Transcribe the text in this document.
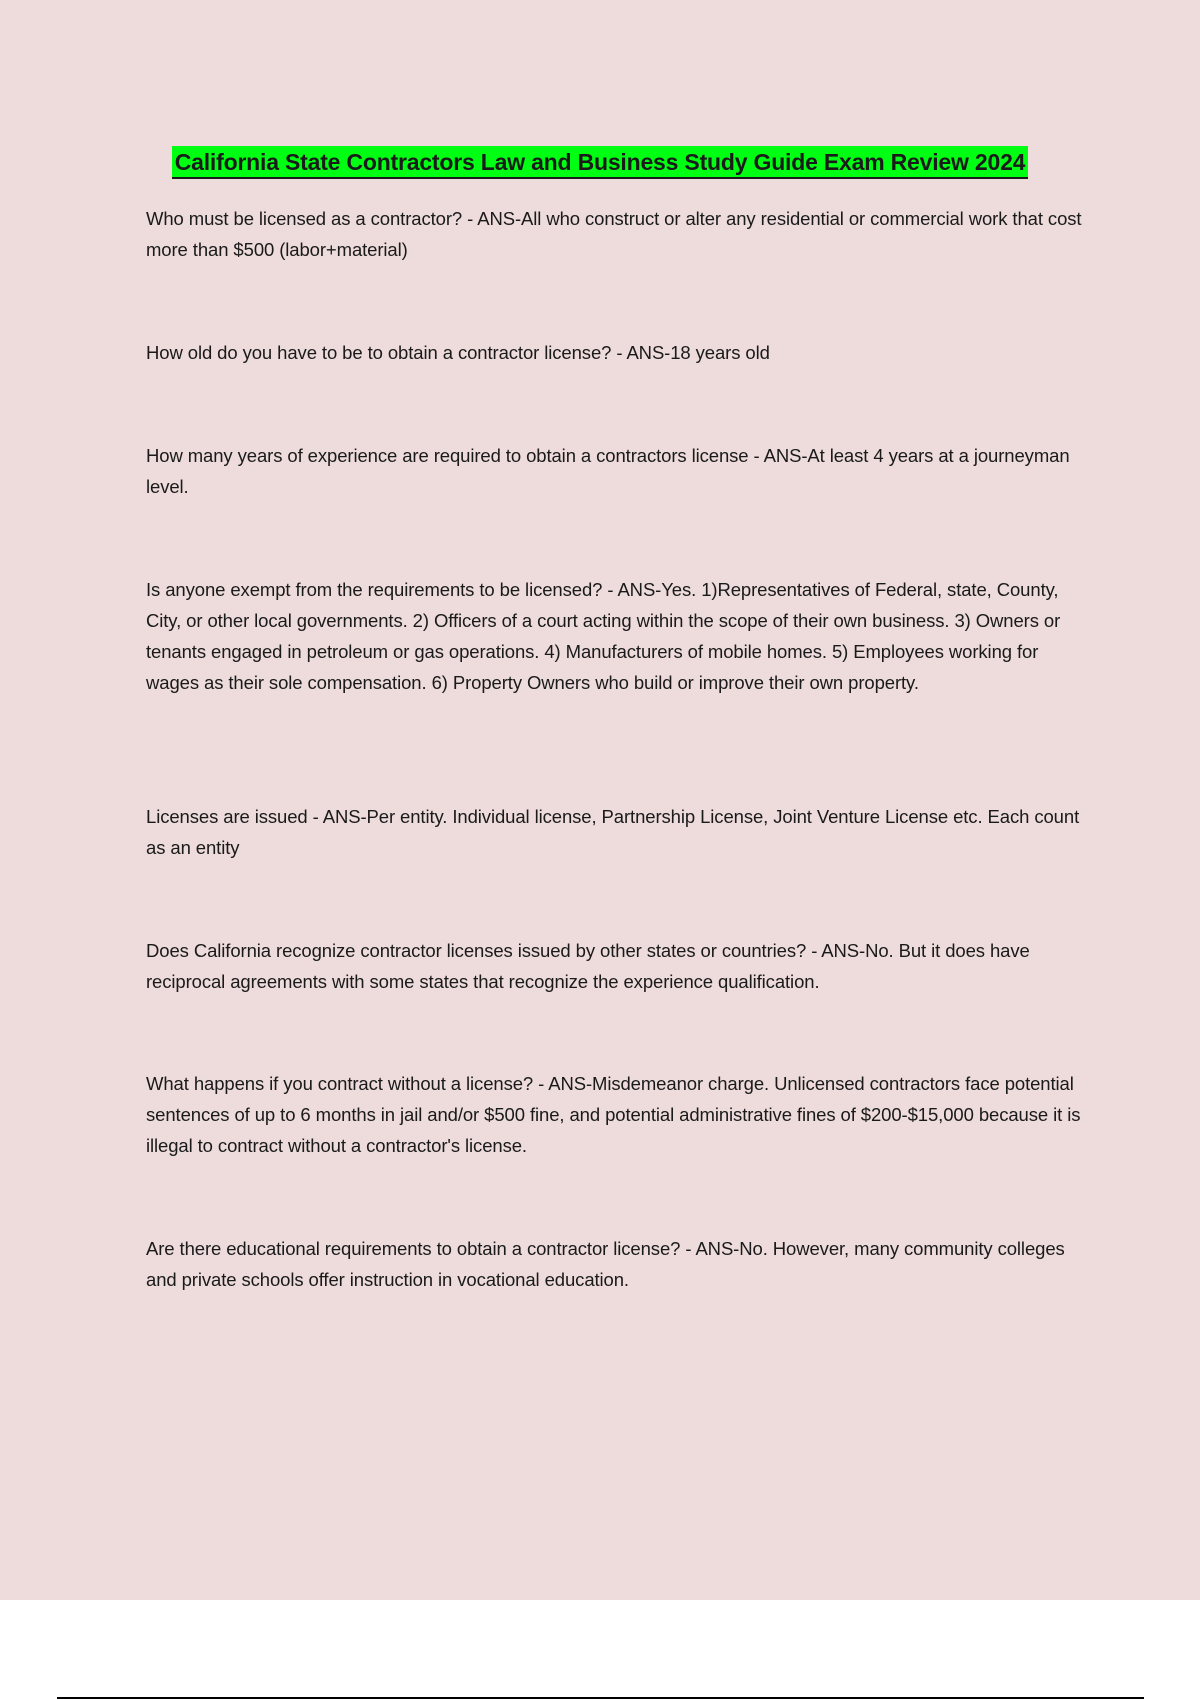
California State Contractors Law and Business Study Guide Exam Review 2024

Who must be licensed as a contractor? - ANS-All who construct or alter any residential or commercial work that cost more than $500 (labor+material)

How old do you have to be to obtain a contractor license? - ANS-18 years old

How many years of experience are required to obtain a contractors license - ANS-At least 4 years at a journeyman level.

Is anyone exempt from the requirements to be licensed? - ANS-Yes. 1)Representatives of Federal, state, County, City, or other local governments. 2) Officers of a court acting within the scope of their own business. 3) Owners or tenants engaged in petroleum or gas operations. 4) Manufacturers of mobile homes. 5) Employees working for wages as their sole compensation. 6) Property Owners who build or improve their own property.

Licenses are issued - ANS-Per entity. Individual license, Partnership License, Joint Venture License etc. Each count as an entity

Does California recognize contractor licenses issued by other states or countries? - ANS-No. But it does have reciprocal agreements with some states that recognize the experience qualification.

What happens if you contract without a license? - ANS-Misdemeanor charge. Unlicensed contractors face potential sentences of up to 6 months in jail and/or $500 fine, and potential administrative fines of $200-$15,000 because it is illegal to contract without a contractor's license.

Are there educational requirements to obtain a contractor license? - ANS-No. However, many community colleges and private schools offer instruction in vocational education.
